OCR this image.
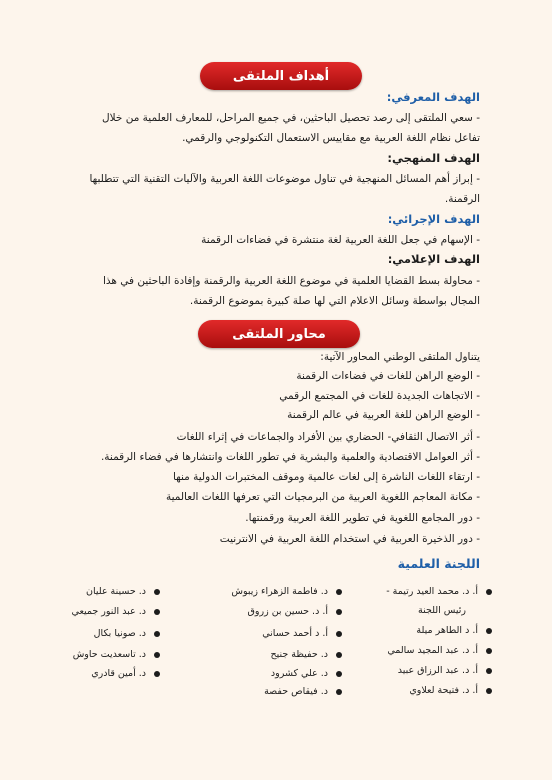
أهداف الملتقى
الهدف المعرفي:
- سعي الملتقى إلى رصد تحصيل الباحثين، في جميع المراحل، للمعارف العلمية من خلال
تفاعل نظام اللغة العربية مع مقاييس الاستعمال التكنولوجي والرقمي.
الهدف المنهجي:
- إبراز أهم المسائل المنهجية في تناول موضوعات اللغة العربية والآليات التقنية التي تتطلبها
الرقمنة.
الهدف الإجرائي:
- الإسهام في جعل اللغة العربية لغة منتشرة في فضاءات الرقمنة
الهدف الإعلامي:
- محاولة بسط القضايا العلمية في موضوع اللغة العربية والرقمنة وإفادة الباحثين في هذا
المجال بواسطة وسائل الاعلام التي لها صلة كبيرة بموضوع الرقمنة.
محاور الملتقى
يتناول الملتقى الوطني المحاور الآتية:
- الوضع الراهن للغات في فضاءات الرقمنة
- الاتجاهات الجديدة للغات في المجتمع الرقمي
- الوضع الراهن للغة العربية في عالم الرقمنة
- أثر الاتصال الثقافي- الحضاري بين الأفراد والجماعات في إثراء اللغات
- أثر العوامل الاقتصادية والعلمية والبشرية في تطور اللغات وانتشارها في فضاء الرقمنة.
- ارتقاء اللغات الناشرة إلى لغات عالمية وموقف المختبرات الدولية منها
- مكانة المعاجم اللغوية العربية من البرمجيات التي تعرفها اللغات العالمية
- دور المجامع اللغوية في تطوير اللغة العربية ورقمنتها.
- دور الذخيرة العربية في استخدام اللغة العربية في الانترنيت
اللجنة العلمية
أ. د. محمد العيد رتيمة -
رئيس اللجنة
أ. د الطاهر ميلة
أ. د. عبد المجيد سالمي
أ. د. عبد الرزاق عبيد
أ. د. فتيحة لعلاوي
د. فاطمة الزهراء زيبوش
أ. د. حسين بن زروق
أ. د أحمد حساني
د. حفيظة جنيح
د. علي كشرود
د. فيقاص حفصة
د. حسينة عليان
د. عبد النور جميعي
د. صونيا بكال
د. تاسعديت حاوش
د. أمين قادري
